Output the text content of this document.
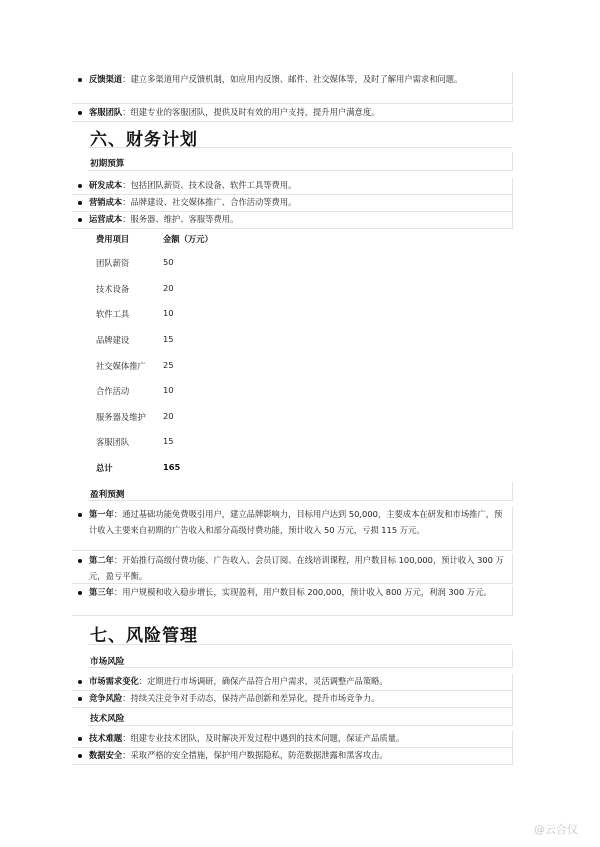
反馈渠道：建立多渠道用户反馈机制，如应用内反馈、邮件、社交媒体等，及时了解用户需求和问题。
客服团队：组建专业的客服团队，提供及时有效的用户支持，提升用户满意度。
六、财务计划
初期预算
研发成本：包括团队薪资、技术设备、软件工具等费用。
营销成本：品牌建设、社交媒体推广、合作活动等费用。
运营成本：服务器、维护、客服等费用。
费用项目	金额（万元）
团队薪资	50
技术设备	20
软件工具	10
品牌建设	15
社交媒体推广 25
合作活动	10
服务器及维护 20
客服团队	15
总计	165
盈利预测
第一年：通过基础功能免费吸引用户，建立品牌影响力，目标用户达到 50,000，主要成本在研发和市场推广，预计收入主要来自初期的广告收入和部分高级付费功能，预计收入 50 万元，亏损 115 万元。
第二年：开始推行高级付费功能、广告收入、会员订阅、在线培训课程，用户数目标 100,000，预计收入 300 万元，盈亏平衡。
第三年：用户规模和收入稳步增长，实现盈利，用户数目标 200,000，预计收入 800 万元，利润 300 万元。
七、风险管理
市场风险
市场需求变化：定期进行市场调研，确保产品符合用户需求，灵活调整产品策略。
竞争风险：持续关注竞争对手动态，保持产品创新和差异化，提升市场竞争力。
技术风险
技术难题：组建专业技术团队，及时解决开发过程中遇到的技术问题，保证产品质量。
数据安全：采取严格的安全措施，保护用户数据隐私，防范数据泄露和黑客攻击。
@云合仪
